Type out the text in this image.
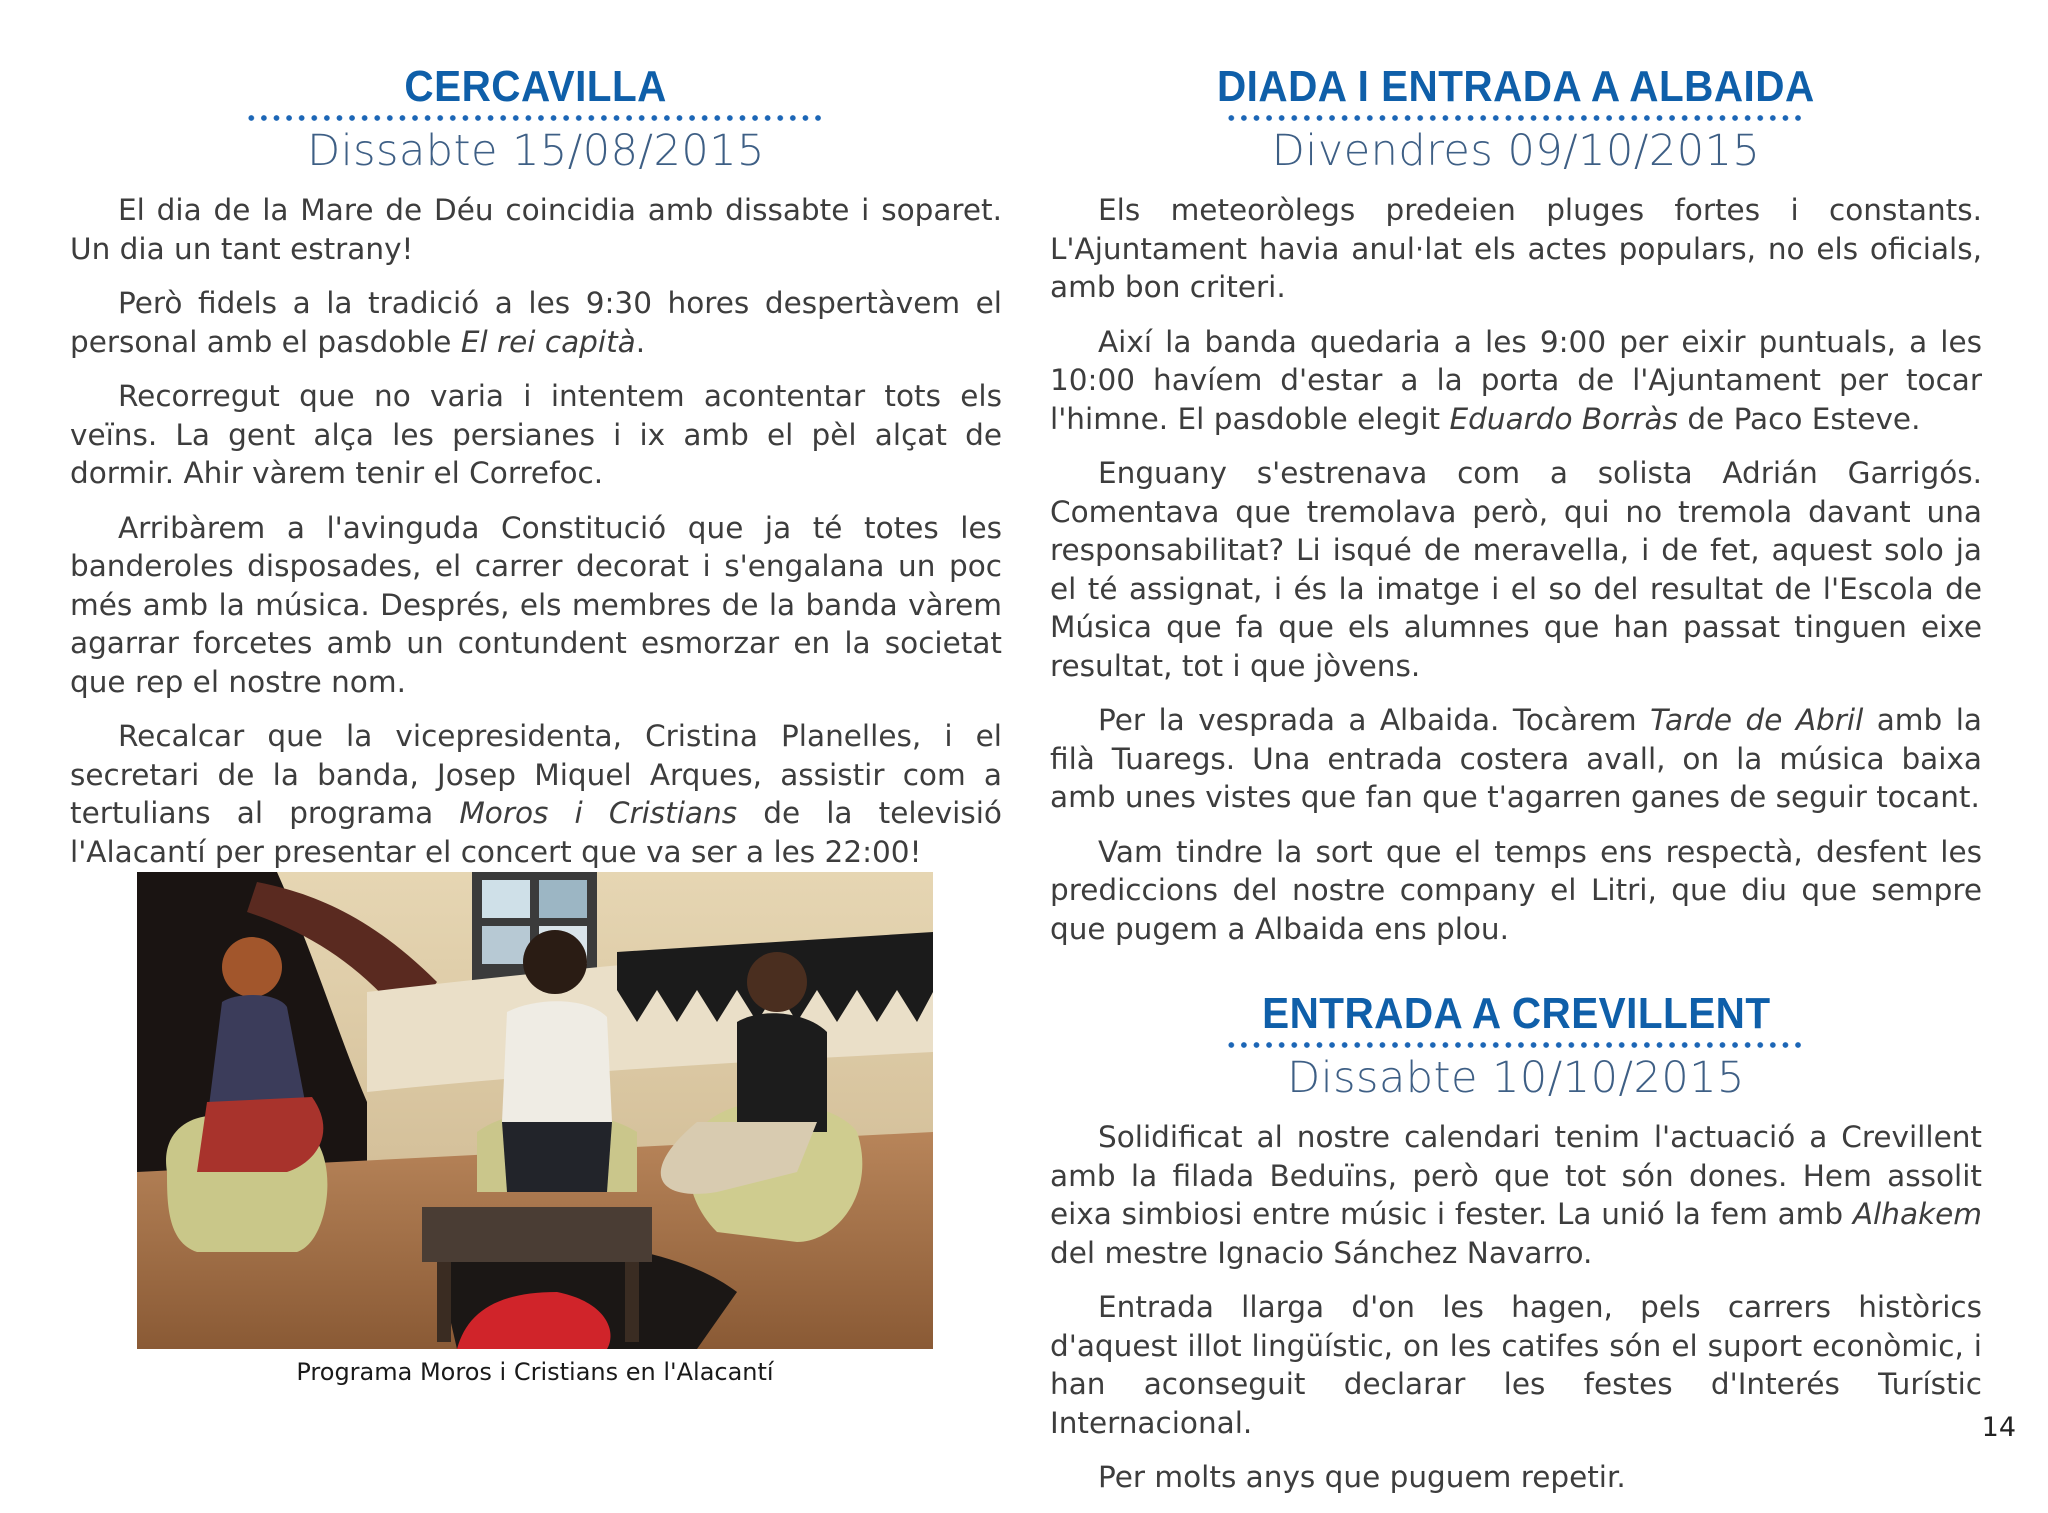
CERCAVILLA
Dissabte 15/08/2015

El dia de la Mare de Déu coincidia amb dissabte i soparet. Un dia un tant estrany!

Però fidels a la tradició a les 9:30 hores despertàvem el personal amb el pasdoble El rei capità.

Recorregut que no varia i intentem acontentar tots els veïns. La gent alça les persianes i ix amb el pèl alçat de dormir. Ahir vàrem tenir el Correfoc.

Arribàrem a l'avinguda Constitució que ja té totes les banderoles disposades, el carrer decorat i s'engalana un poc més amb la música. Després, els membres de la banda vàrem agarrar forcetes amb un contundent esmorzar en la societat que rep el nostre nom.

Recalcar que la vicepresidenta, Cristina Planelles, i el secretari de la banda, Josep Miquel Arques, assistir com a tertulians al programa Moros i Cristians de la televisió l'Alacantí per presentar el concert que va ser a les 22:00!

Programa Moros i Cristians en l'Alacantí
DIADA I ENTRADA A ALBAIDA
Divendres 09/10/2015

Els meteoròlegs predeien pluges fortes i constants. L'Ajuntament havia anul·lat els actes populars, no els oficials, amb bon criteri.

Així la banda quedaria a les 9:00 per eixir puntuals, a les 10:00 havíem d'estar a la porta de l'Ajuntament per tocar l'himne. El pasdoble elegit Eduardo Borràs de Paco Esteve.

Enguany s'estrenava com a solista Adrián Garrigós. Comentava que tremolava però, qui no tremola davant una responsabilitat? Li isqué de meravella, i de fet, aquest solo ja el té assignat, i és la imatge i el so del resultat de l'Escola de Música que fa que els alumnes que han passat tinguen eixe resultat, tot i que jòvens.

Per la vesprada a Albaida. Tocàrem Tarde de Abril amb la filà Tuaregs. Una entrada costera avall, on la música baixa amb unes vistes que fan que t'agarren ganes de seguir tocant.

Vam tindre la sort que el temps ens respectà, desfent les prediccions del nostre company el Litri, que diu que sempre que pugem a Albaida ens plou.

ENTRADA A CREVILLENT
Dissabte 10/10/2015

Solidificat al nostre calendari tenim l'actuació a Crevillent amb la filada Beduïns, però que tot són dones. Hem assolit eixa simbiosi entre músic i fester. La unió la fem amb Alhakem del mestre Ignacio Sánchez Navarro.

Entrada llarga d'on les hagen, pels carrers històrics d'aquest illot lingüístic, on les catifes són el suport econòmic, i han aconseguit declarar les festes d'Interés Turístic Internacional.

Per molts anys que puguem repetir.

14
